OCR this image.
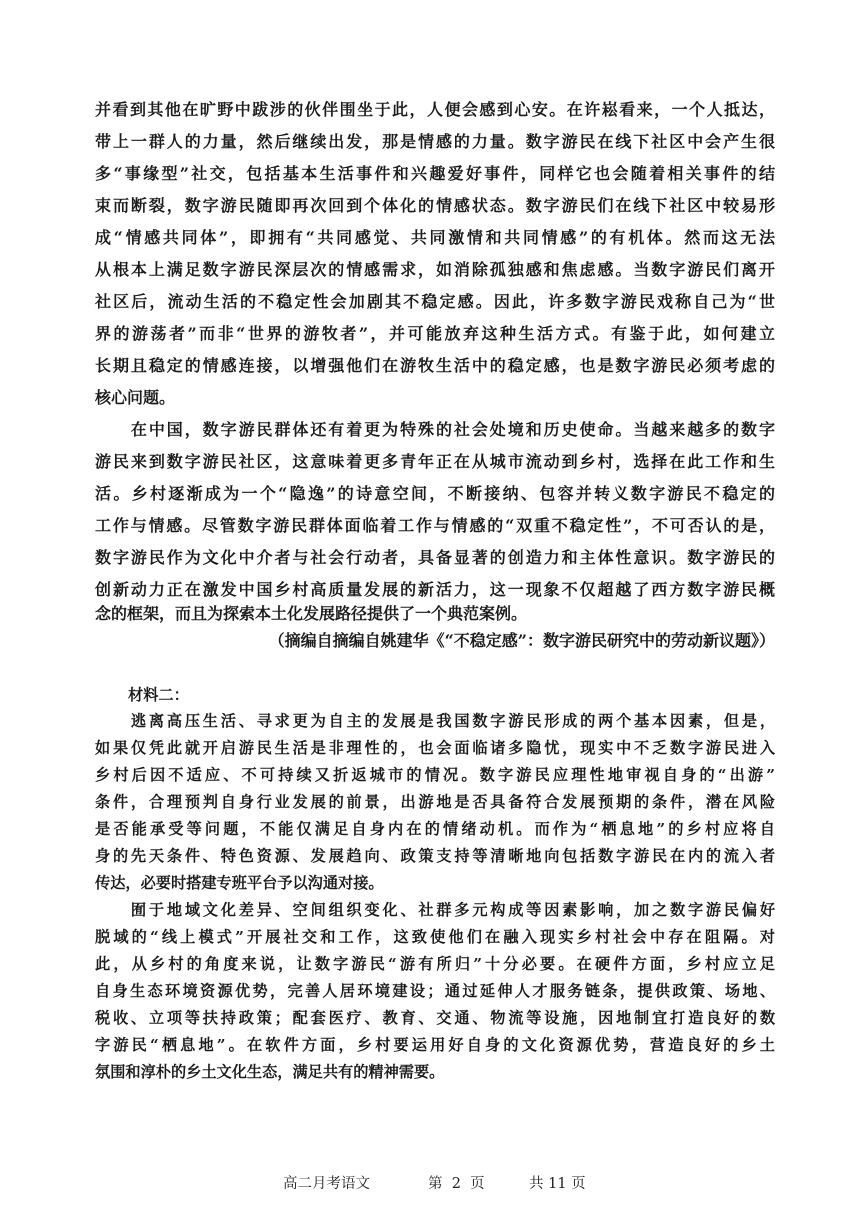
并看到其他在旷野中跋涉的伙伴围坐于此，人便会感到心安。在许崧看来，一个人抵达，
带上一群人的力量，然后继续出发，那是情感的力量。数字游民在线下社区中会产生很
多“事缘型”社交，包括基本生活事件和兴趣爱好事件，同样它也会随着相关事件的结
束而断裂，数字游民随即再次回到个体化的情感状态。数字游民们在线下社区中较易形
成“情感共同体”，即拥有“共同感觉、共同激情和共同情感”的有机体。然而这无法
从根本上满足数字游民深层次的情感需求，如消除孤独感和焦虑感。当数字游民们离开
社区后，流动生活的不稳定性会加剧其不稳定感。因此，许多数字游民戏称自己为“世
界的游荡者”而非“世界的游牧者”，并可能放弃这种生活方式。有鉴于此，如何建立
长期且稳定的情感连接，以增强他们在游牧生活中的稳定感，也是数字游民必须考虑的
核心问题。
　　在中国，数字游民群体还有着更为特殊的社会处境和历史使命。当越来越多的数字
游民来到数字游民社区，这意味着更多青年正在从城市流动到乡村，选择在此工作和生
活。乡村逐渐成为一个“隐逸”的诗意空间，不断接纳、包容并转义数字游民不稳定的
工作与情感。尽管数字游民群体面临着工作与情感的“双重不稳定性”，不可否认的是，
数字游民作为文化中介者与社会行动者，具备显著的创造力和主体性意识。数字游民的
创新动力正在激发中国乡村高质量发展的新活力，这一现象不仅超越了西方数字游民概
念的框架，而且为探索本土化发展路径提供了一个典范案例。
（摘编自摘编自姚建华《“不稳定感”：数字游民研究中的劳动新议题》）
材料二：
　　逃离高压生活、寻求更为自主的发展是我国数字游民形成的两个基本因素，但是，
如果仅凭此就开启游民生活是非理性的，也会面临诸多隐忧，现实中不乏数字游民进入
乡村后因不适应、不可持续又折返城市的情况。数字游民应理性地审视自身的“出游”
条件，合理预判自身行业发展的前景，出游地是否具备符合发展预期的条件，潜在风险
是否能承受等问题，不能仅满足自身内在的情绪动机。而作为“栖息地”的乡村应将自
身的先天条件、特色资源、发展趋向、政策支持等清晰地向包括数字游民在内的流入者
传达，必要时搭建专班平台予以沟通对接。
　　囿于地域文化差异、空间组织变化、社群多元构成等因素影响，加之数字游民偏好
脱域的“线上模式”开展社交和工作，这致使他们在融入现实乡村社会中存在阻隔。对
此，从乡村的角度来说，让数字游民“游有所归”十分必要。在硬件方面，乡村应立足
自身生态环境资源优势，完善人居环境建设；通过延伸人才服务链条，提供政策、场地、
税收、立项等扶持政策；配套医疗、教育、交通、物流等设施，因地制宜打造良好的数
字游民“栖息地”。在软件方面，乡村要运用好自身的文化资源优势，营造良好的乡土
氛围和淳朴的乡土文化生态，满足共有的精神需要。
高二月考语文	第  2  页	共 11 页
